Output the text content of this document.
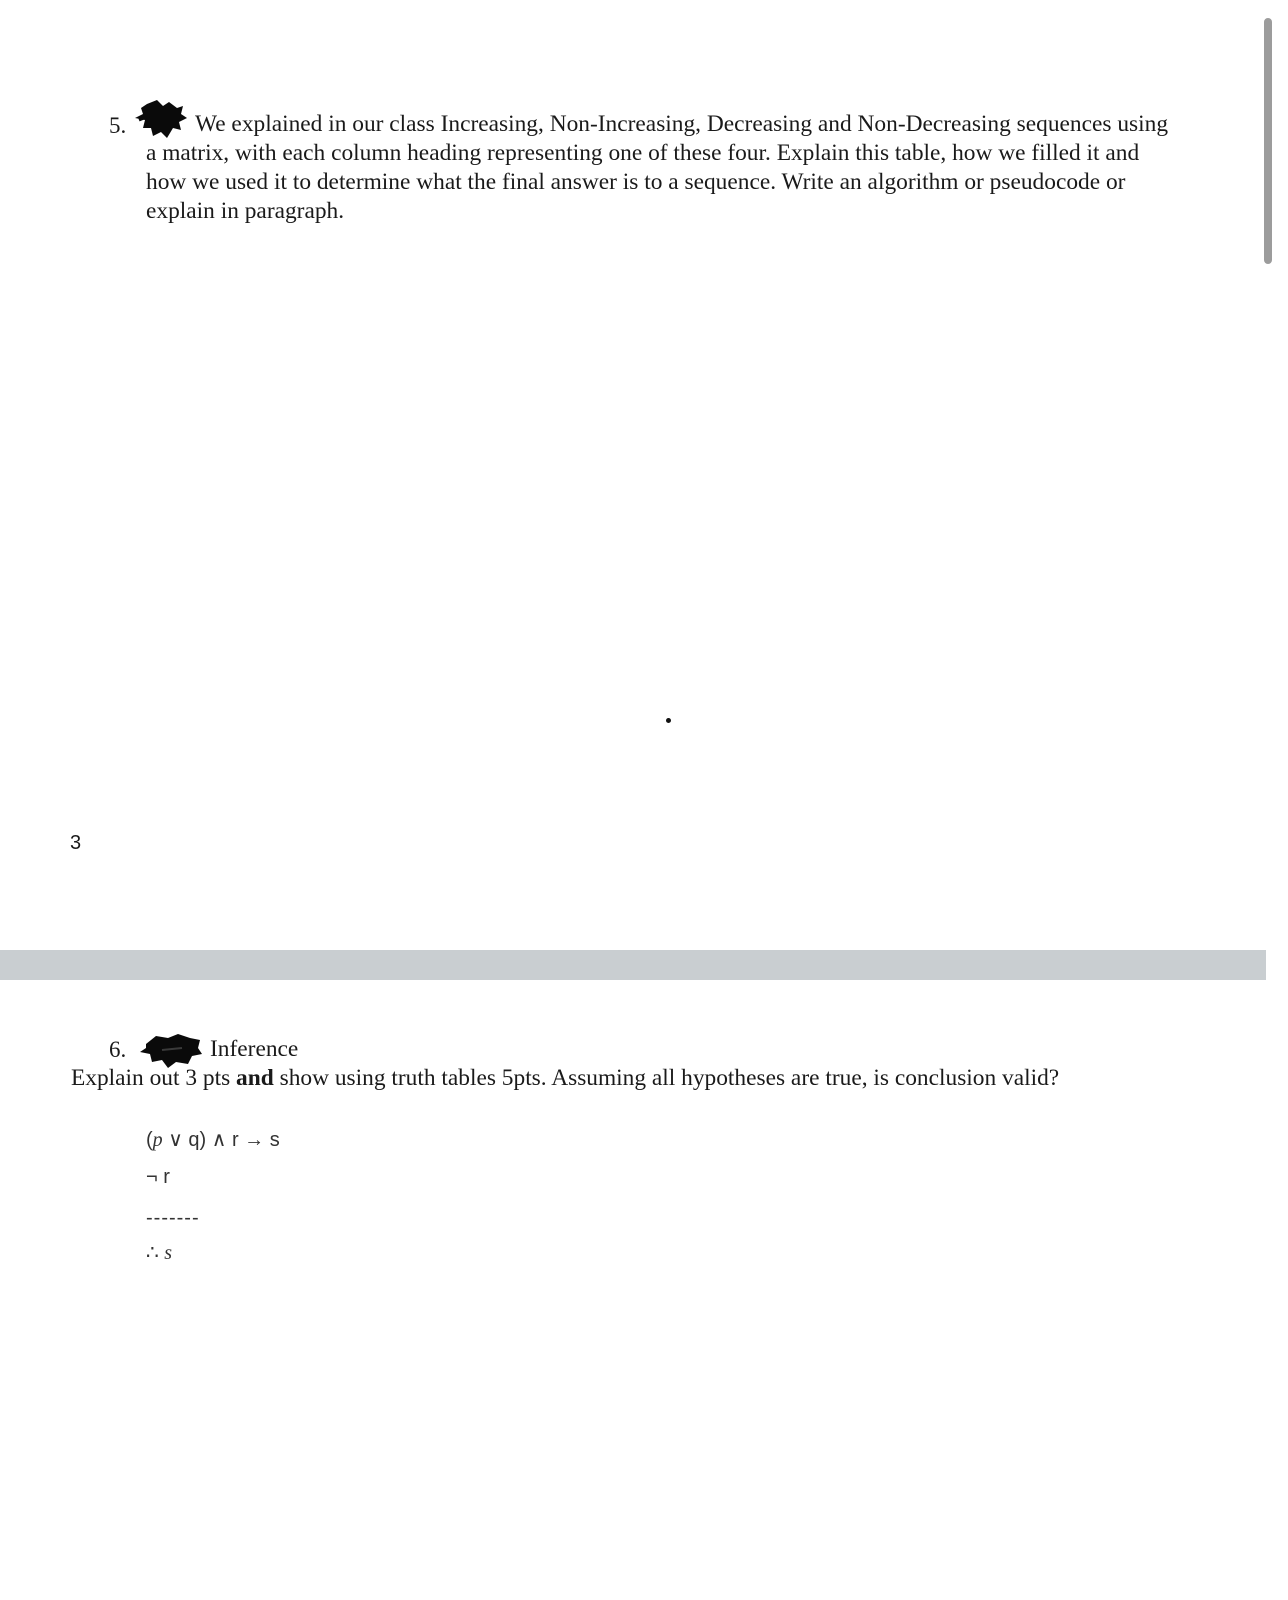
5.	We explained in our class Increasing, Non-Increasing, Decreasing and Non-Decreasing sequences using a matrix, with each column heading representing one of these four. Explain this table, how we filled it and how we used it to determine what the final answer is to a sequence. Write an algorithm or pseudocode or explain in paragraph.

3
6.	Inference
Explain out 3 pts and show using truth tables 5pts. Assuming all hypotheses are true, is conclusion valid?
(p ∨ q) ∧ r → s
¬ r
-------
∴ s
